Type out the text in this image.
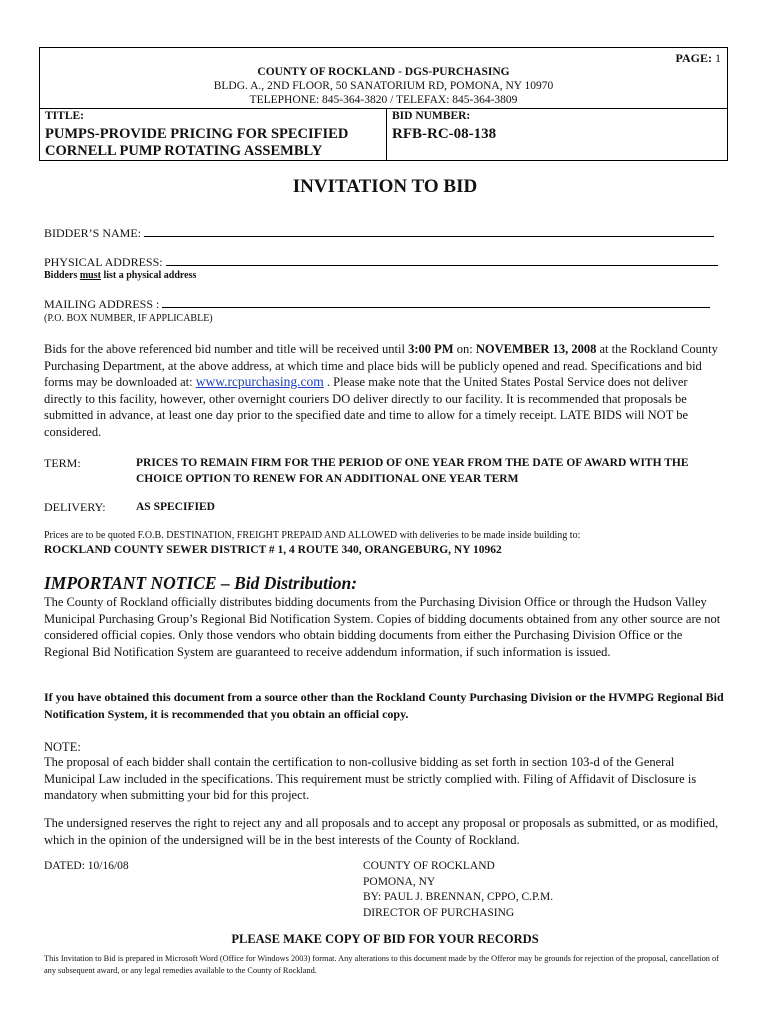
PAGE: 1
COUNTY OF ROCKLAND - DGS-PURCHASING
BLDG. A., 2ND FLOOR, 50 SANATORIUM RD, POMONA, NY 10970
TELEPHONE: 845-364-3820 / TELEFAX: 845-364-3809
TITLE:
PUMPS-PROVIDE PRICING FOR SPECIFIED
CORNELL PUMP ROTATING ASSEMBLY
BID NUMBER:
RFB-RC-08-138
INVITATION TO BID
BIDDER’S NAME:
PHYSICAL ADDRESS:
Bidders must list a physical address
MAILING ADDRESS :
(P.O. BOX NUMBER, IF APPLICABLE)
Bids for the above referenced bid number and title will be received until 3:00 PM on: NOVEMBER 13, 2008 at the Rockland County Purchasing Department, at the above address, at which time and place bids will be publicly opened and read. Specifications and bid forms may be downloaded at: www.rcpurchasing.com . Please make note that the United States Postal Service does not deliver directly to this facility, however, other overnight couriers DO deliver directly to our facility. It is recommended that proposals be submitted in advance, at least one day prior to the specified date and time to allow for a timely receipt. LATE BIDS will NOT be considered.
TERM:	PRICES TO REMAIN FIRM FOR THE PERIOD OF ONE YEAR FROM THE DATE OF AWARD WITH THE CHOICE OPTION TO RENEW FOR AN ADDITIONAL ONE YEAR TERM
DELIVERY:	AS SPECIFIED
Prices are to be quoted F.O.B. DESTINATION, FREIGHT PREPAID AND ALLOWED with deliveries to be made inside building to:
ROCKLAND COUNTY SEWER DISTRICT # 1, 4 ROUTE 340, ORANGEBURG, NY 10962
IMPORTANT NOTICE – Bid Distribution:
The County of Rockland officially distributes bidding documents from the Purchasing Division Office or through the Hudson Valley Municipal Purchasing Group’s Regional Bid Notification System. Copies of bidding documents obtained from any other source are not considered official copies. Only those vendors who obtain bidding documents from either the Purchasing Division Office or the Regional Bid Notification System are guaranteed to receive addendum information, if such information is issued.
If you have obtained this document from a source other than the Rockland County Purchasing Division or the HVMPG Regional Bid Notification System, it is recommended that you obtain an official copy.
NOTE:
The proposal of each bidder shall contain the certification to non-collusive bidding as set forth in section 103-d of the General Municipal Law included in the specifications. This requirement must be strictly complied with. Filing of Affidavit of Disclosure is mandatory when submitting your bid for this project.
The undersigned reserves the right to reject any and all proposals and to accept any proposal or proposals as submitted, or as modified, which in the opinion of the undersigned will be in the best interests of the County of Rockland.
DATED: 10/16/08	COUNTY OF ROCKLAND
POMONA, NY
BY: PAUL J. BRENNAN, CPPO, C.P.M.
DIRECTOR OF PURCHASING
PLEASE MAKE COPY OF BID FOR YOUR RECORDS
This Invitation to Bid is prepared in Microsoft Word (Office for Windows 2003) format. Any alterations to this document made by the Offeror may be grounds for rejection of the proposal, cancellation of any subsequent award, or any legal remedies available to the County of Rockland.
